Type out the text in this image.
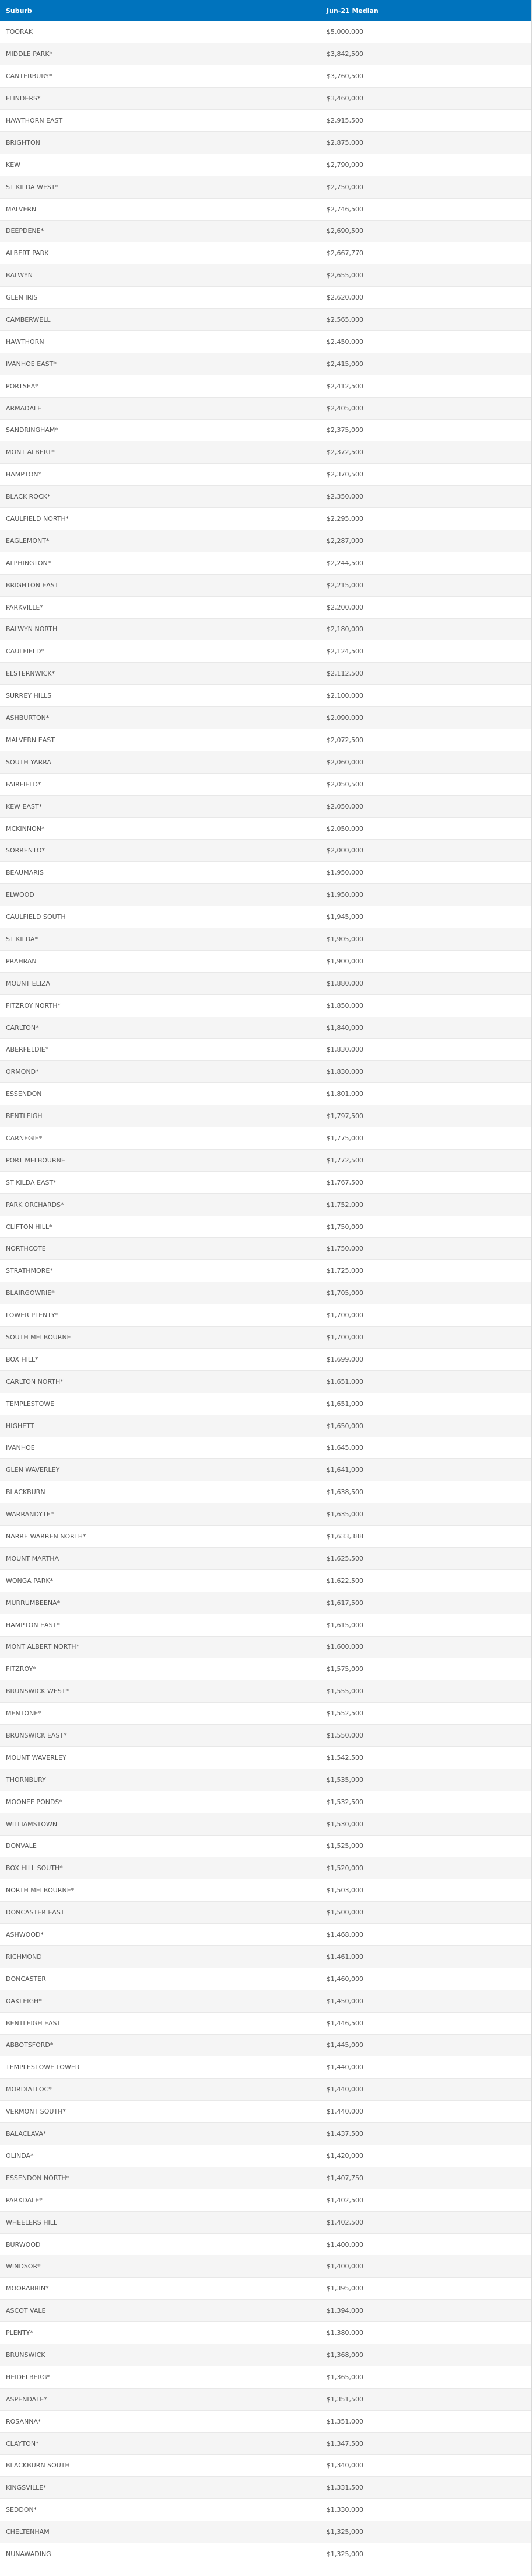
Suburb	Jun-21 Median
TOORAK	$5,000,000
MIDDLE PARK*	$3,842,500
CANTERBURY*	$3,760,500
FLINDERS*	$3,460,000
HAWTHORN EAST	$2,915,500
BRIGHTON	$2,875,000
KEW	$2,790,000
ST KILDA WEST*	$2,750,000
MALVERN	$2,746,500
DEEPDENE*	$2,690,500
ALBERT PARK	$2,667,770
BALWYN	$2,655,000
GLEN IRIS	$2,620,000
CAMBERWELL	$2,565,000
HAWTHORN	$2,450,000
IVANHOE EAST*	$2,415,000
PORTSEA*	$2,412,500
ARMADALE	$2,405,000
SANDRINGHAM*	$2,375,000
MONT ALBERT*	$2,372,500
HAMPTON*	$2,370,500
BLACK ROCK*	$2,350,000
CAULFIELD NORTH*	$2,295,000
EAGLEMONT*	$2,287,000
ALPHINGTON*	$2,244,500
BRIGHTON EAST	$2,215,000
PARKVILLE*	$2,200,000
BALWYN NORTH	$2,180,000
CAULFIELD*	$2,124,500
ELSTERNWICK*	$2,112,500
SURREY HILLS	$2,100,000
ASHBURTON*	$2,090,000
MALVERN EAST	$2,072,500
SOUTH YARRA	$2,060,000
FAIRFIELD*	$2,050,500
KEW EAST*	$2,050,000
MCKINNON*	$2,050,000
SORRENTO*	$2,000,000
BEAUMARIS	$1,950,000
ELWOOD	$1,950,000
CAULFIELD SOUTH	$1,945,000
ST KILDA*	$1,905,000
PRAHRAN	$1,900,000
MOUNT ELIZA	$1,880,000
FITZROY NORTH*	$1,850,000
CARLTON*	$1,840,000
ABERFELDIE*	$1,830,000
ORMOND*	$1,830,000
ESSENDON	$1,801,000
BENTLEIGH	$1,797,500
CARNEGIE*	$1,775,000
PORT MELBOURNE	$1,772,500
ST KILDA EAST*	$1,767,500
PARK ORCHARDS*	$1,752,000
CLIFTON HILL*	$1,750,000
NORTHCOTE	$1,750,000
STRATHMORE*	$1,725,000
BLAIRGOWRIE*	$1,705,000
LOWER PLENTY*	$1,700,000
SOUTH MELBOURNE	$1,700,000
BOX HILL*	$1,699,000
CARLTON NORTH*	$1,651,000
TEMPLESTOWE	$1,651,000
HIGHETT	$1,650,000
IVANHOE	$1,645,000
GLEN WAVERLEY	$1,641,000
BLACKBURN	$1,638,500
WARRANDYTE*	$1,635,000
NARRE WARREN NORTH*	$1,633,388
MOUNT MARTHA	$1,625,500
WONGA PARK*	$1,622,500
MURRUMBEENA*	$1,617,500
HAMPTON EAST*	$1,615,000
MONT ALBERT NORTH*	$1,600,000
FITZROY*	$1,575,000
BRUNSWICK WEST*	$1,555,000
MENTONE*	$1,552,500
BRUNSWICK EAST*	$1,550,000
MOUNT WAVERLEY	$1,542,500
THORNBURY	$1,535,000
MOONEE PONDS*	$1,532,500
WILLIAMSTOWN	$1,530,000
DONVALE	$1,525,000
BOX HILL SOUTH*	$1,520,000
NORTH MELBOURNE*	$1,503,000
DONCASTER EAST	$1,500,000
ASHWOOD*	$1,468,000
RICHMOND	$1,461,000
DONCASTER	$1,460,000
OAKLEIGH*	$1,450,000
BENTLEIGH EAST	$1,446,500
ABBOTSFORD*	$1,445,000
TEMPLESTOWE LOWER	$1,440,000
MORDIALLOC*	$1,440,000
VERMONT SOUTH*	$1,440,000
BALACLAVA*	$1,437,500
OLINDA*	$1,420,000
ESSENDON NORTH*	$1,407,750
PARKDALE*	$1,402,500
WHEELERS HILL	$1,402,500
BURWOOD	$1,400,000
WINDSOR*	$1,400,000
MOORABBIN*	$1,395,000
ASCOT VALE	$1,394,000
PLENTY*	$1,380,000
BRUNSWICK	$1,368,000
HEIDELBERG*	$1,365,000
ASPENDALE*	$1,351,500
ROSANNA*	$1,351,000
CLAYTON*	$1,347,500
BLACKBURN SOUTH	$1,340,000
KINGSVILLE*	$1,331,500
SEDDON*	$1,330,000
CHELTENHAM	$1,325,000
NUNAWADING	$1,325,000
